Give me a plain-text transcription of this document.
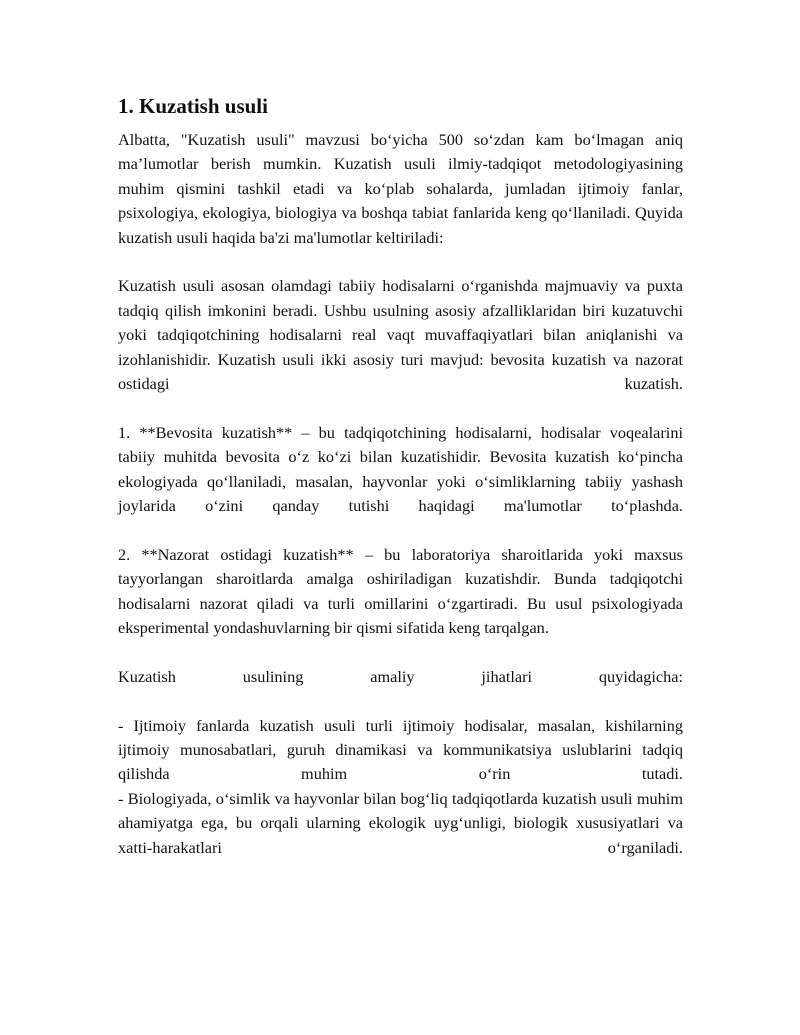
1. Kuzatish usuli

Albatta, "Kuzatish usuli" mavzusi bo‘yicha 500 so‘zdan kam bo‘lmagan aniq ma’lumotlar berish mumkin. Kuzatish usuli ilmiy-tadqiqot metodologiyasining muhim qismini tashkil etadi va ko‘plab sohalarda, jumladan ijtimoiy fanlar, psixologiya, ekologiya, biologiya va boshqa tabiat fanlarida keng qo‘llaniladi. Quyida kuzatish usuli haqida ba'zi ma'lumotlar keltiriladi:

Kuzatish usuli asosan olamdagi tabiiy hodisalarni o‘rganishda majmuaviy va puxta tadqiq qilish imkonini beradi. Ushbu usulning asosiy afzalliklaridan biri kuzatuvchi yoki tadqiqotchining hodisalarni real vaqt muvaffaqiyatlari bilan aniqlanishi va izohlanishidir. Kuzatish usuli ikki asosiy turi mavjud: bevosita kuzatish va nazorat ostidagi kuzatish.

1. **Bevosita kuzatish** – bu tadqiqotchining hodisalarni, hodisalar voqealarini tabiiy muhitda bevosita o‘z ko‘zi bilan kuzatishidir. Bevosita kuzatish ko‘pincha ekologiyada qo‘llaniladi, masalan, hayvonlar yoki o‘simliklarning tabiiy yashash joylarida o‘zini qanday tutishi haqidagi ma'lumotlar to‘plashda.

2. **Nazorat ostidagi kuzatish** – bu laboratoriya sharoitlarida yoki maxsus tayyorlangan sharoitlarda amalga oshiriladigan kuzatishdir. Bunda tadqiqotchi hodisalarni nazorat qiladi va turli omillarini o‘zgartiradi. Bu usul psixologiyada eksperimental yondashuvlarning bir qismi sifatida keng tarqalgan.

Kuzatish usulining amaliy jihatlari quyidagicha:

- Ijtimoiy fanlarda kuzatish usuli turli ijtimoiy hodisalar, masalan, kishilarning ijtimoiy munosabatlari, guruh dinamikasi va kommunikatsiya uslublarini tadqiq qilishda muhim o‘rin tutadi.
- Biologiyada, o‘simlik va hayvonlar bilan bog‘liq tadqiqotlarda kuzatish usuli muhim ahamiyatga ega, bu orqali ularning ekologik uyg‘unligi, biologik xususiyatlari va xatti-harakatlari o‘rganiladi.
